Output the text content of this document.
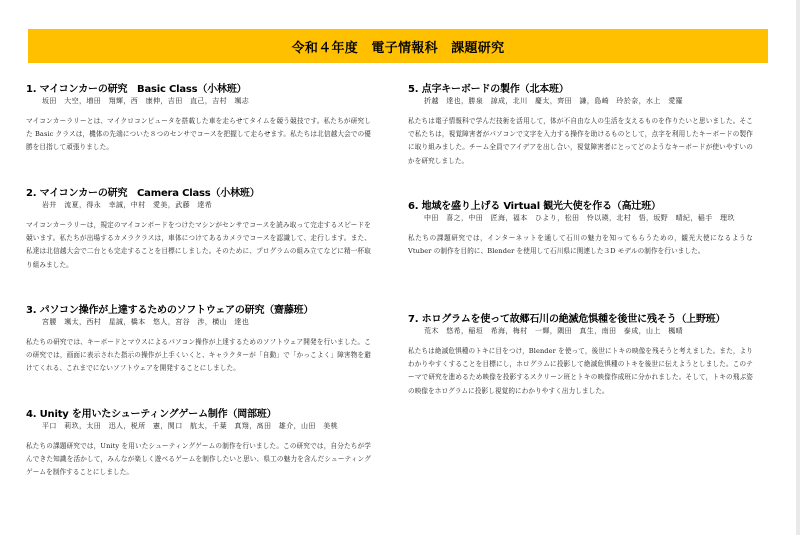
令和４年度　電子情報科　課題研究
1. マイコンカーの研究　Basic Class（小林班）
坂田　大空，増田　翔輝，西　康伸，吉田　直己，吉村　颯志
マイコンカーラリーとは、マイクロコンピュータを搭載した車を走らせてタイムを競う競技です。私たちが研究した Basic クラスは，機体の先端についた８つのセンサでコースを把握して走らせます。私たちは北信越大会での優勝を目指して頑張りました。
2. マイコンカーの研究　Camera Class（小林班）
岩井　流夏，得永　幸誠，中村　愛美，武藤　達希
マイコンカーラリーは，規定のマイコンボードをつけたマシンがセンサでコースを読み取って完走するスピードを競います。私たちが出場するカメラクラスは，車体につけてあるカメラでコースを認識して、走行します。また、私達は北信越大会で二台とも完走することを目標にしました。そのために、プログラムの組み立てなどに精一杯取り組みました。
3. パソコン操作が上達するためのソフトウェアの研究（齋藤班）
宮腰　颯太，西村　星誠，橋本　悠人，宮谷　渉，横山　達也
私たちの研究では、キーボードとマウスによるパソコン操作が上達するためのソフトウェア開発を行いました。この研究では，画面に表示された指示の操作が上手くいくと、キャラクターが「自動」で「かっこよく」障害物を避けてくれる、これまでにないソフトウェアを開発することにしました。
4. Unity を用いたシューティングゲーム制作（岡部班）
平口　莉玖，太田　迅人，税所　憲，関口　航太，千葉　真翔，髙田　雄介，山田　美桃
私たちの課題研究では，Unity を用いたシューティングゲームの制作を行いました。この研究では，自分たちが学んできた知識を活かして，みんなが楽しく遊べるゲームを制作したいと思い、県工の魅力を含んだシューティングゲームを制作することにしました。
5. 点字キーボードの製作（北本班）
折越　達也，勝泉　諒成，北川　慶太，齊田　謙，島崎　玲於奈，水上　愛羅
私たちは電子情報科で学んだ技術を活用して，体が不自由な人の生活を支えるものを作りたいと思いました。そこで私たちは，視覚障害者がパソコンで文字を入力する操作を助けるものとして，点字を利用したキーボードの製作に取り組みました。チーム全員でアイデアを出し合い，視覚障害者にとってどのようなキーボードが使いやすいのかを研究しました。
6. 地域を盛り上げる Virtual 観光大使を作る（高辻班）
中田　喜之，中田　匠海，福本　ひより，松田　怜以瑛，北村　悟，坂野　晴紀，稲手　理玖
私たちの課題研究では，インターネットを通して石川の魅力を知ってもらうための，観光大使になるような Vtuber の制作を目的に、Blender を使用して石川県に関連した３D モデルの制作を行いました。
7. ホログラムを使って故郷石川の絶滅危惧種を後世に残そう（上野班）
荒木　悠希，稲垣　希海，梅村　一輝，隅田　真生，南田　泰成，山上　楓晴
私たちは絶滅危惧種のトキに目をつけ，Blender を使って，後世にトキの映像を残そうと考えました。また，よりわかりやすくすることを目標にし，ホログラムに投影して絶滅危惧種のトキを後世に伝えようとしました。このテーマで研究を進めるため映像を投影するスクリーン班とトキの映像作成班に分かれました。そして，トキの飛ぶ姿の映像をホログラムに投影し視覚的にわかりやすく出力しました。
